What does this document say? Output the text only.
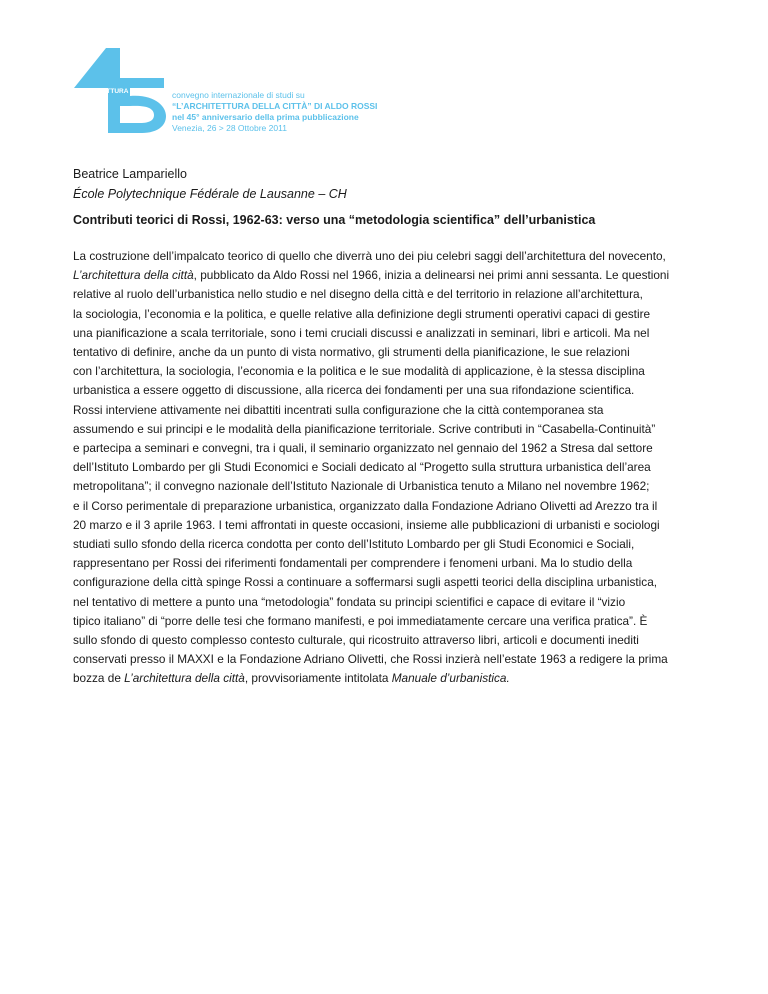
DELLA CITTÀ
L'ARCHITETTURA	convegno internazionale di studi su
“L’ARCHITETTURA DELLA CITTÀ” DI ALDO ROSSI
nel 45° anniversario della prima pubblicazione
Venezia, 26 > 28 Ottobre 2011
Beatrice Lampariello
École Polytechnique Fédérale de Lausanne – CH
Contributi teorici di Rossi, 1962-63: verso una “metodologia scientifica” dell’urbanistica
La costruzione dell’impalcato teorico di quello che diverrà uno dei piu celebri saggi dell’architettura del novecento,
L’architettura della città, pubblicato da Aldo Rossi nel 1966, inizia a delinearsi nei primi anni sessanta. Le questioni
relative al ruolo dell’urbanistica nello studio e nel disegno della città e del territorio in relazione all’architettura,
la sociologia, l’economia e la politica, e quelle relative alla definizione degli strumenti operativi capaci di gestire
una pianificazione a scala territoriale, sono i temi cruciali discussi e analizzati in seminari, libri e articoli. Ma nel
tentativo di definire, anche da un punto di vista normativo, gli strumenti della pianificazione, le sue relazioni
con l’architettura, la sociologia, l’economia e la politica e le sue modalità di applicazione, è la stessa disciplina
urbanistica a essere oggetto di discussione, alla ricerca dei fondamenti per una sua rifondazione scientifica.
Rossi interviene attivamente nei dibattiti incentrati sulla configurazione che la città contemporanea sta
assumendo e sui principi e le modalità della pianificazione territoriale. Scrive contributi in “Casabella-Continuità”
e partecipa a seminari e convegni, tra i quali, il seminario organizzato nel gennaio del 1962 a Stresa dal settore
dell’Istituto Lombardo per gli Studi Economici e Sociali dedicato al “Progetto sulla struttura urbanistica dell’area
metropolitana”; il convegno nazionale dell’Istituto Nazionale di Urbanistica tenuto a Milano nel novembre 1962;
e il Corso perimentale di preparazione urbanistica, organizzato dalla Fondazione Adriano Olivetti ad Arezzo tra il
20 marzo e il 3 aprile 1963. I temi affrontati in queste occasioni, insieme alle pubblicazioni di urbanisti e sociologi
studiati sullo sfondo della ricerca condotta per conto dell’Istituto Lombardo per gli Studi Economici e Sociali,
rappresentano per Rossi dei riferimenti fondamentali per comprendere i fenomeni urbani. Ma lo studio della
configurazione della città spinge Rossi a continuare a soffermarsi sugli aspetti teorici della disciplina urbanistica,
nel tentativo di mettere a punto una “metodologia” fondata su principi scientifici e capace di evitare il “vizio
tipico italiano” di “porre delle tesi che formano manifesti, e poi immediatamente cercare una verifica pratica”. È
sullo sfondo di questo complesso contesto culturale, qui ricostruito attraverso libri, articoli e documenti inediti
conservati presso il MAXXI e la Fondazione Adriano Olivetti, che Rossi inzierà nell’estate 1963 a redigere la prima
bozza de L’architettura della città, provvisoriamente intitolata Manuale d’urbanistica.
